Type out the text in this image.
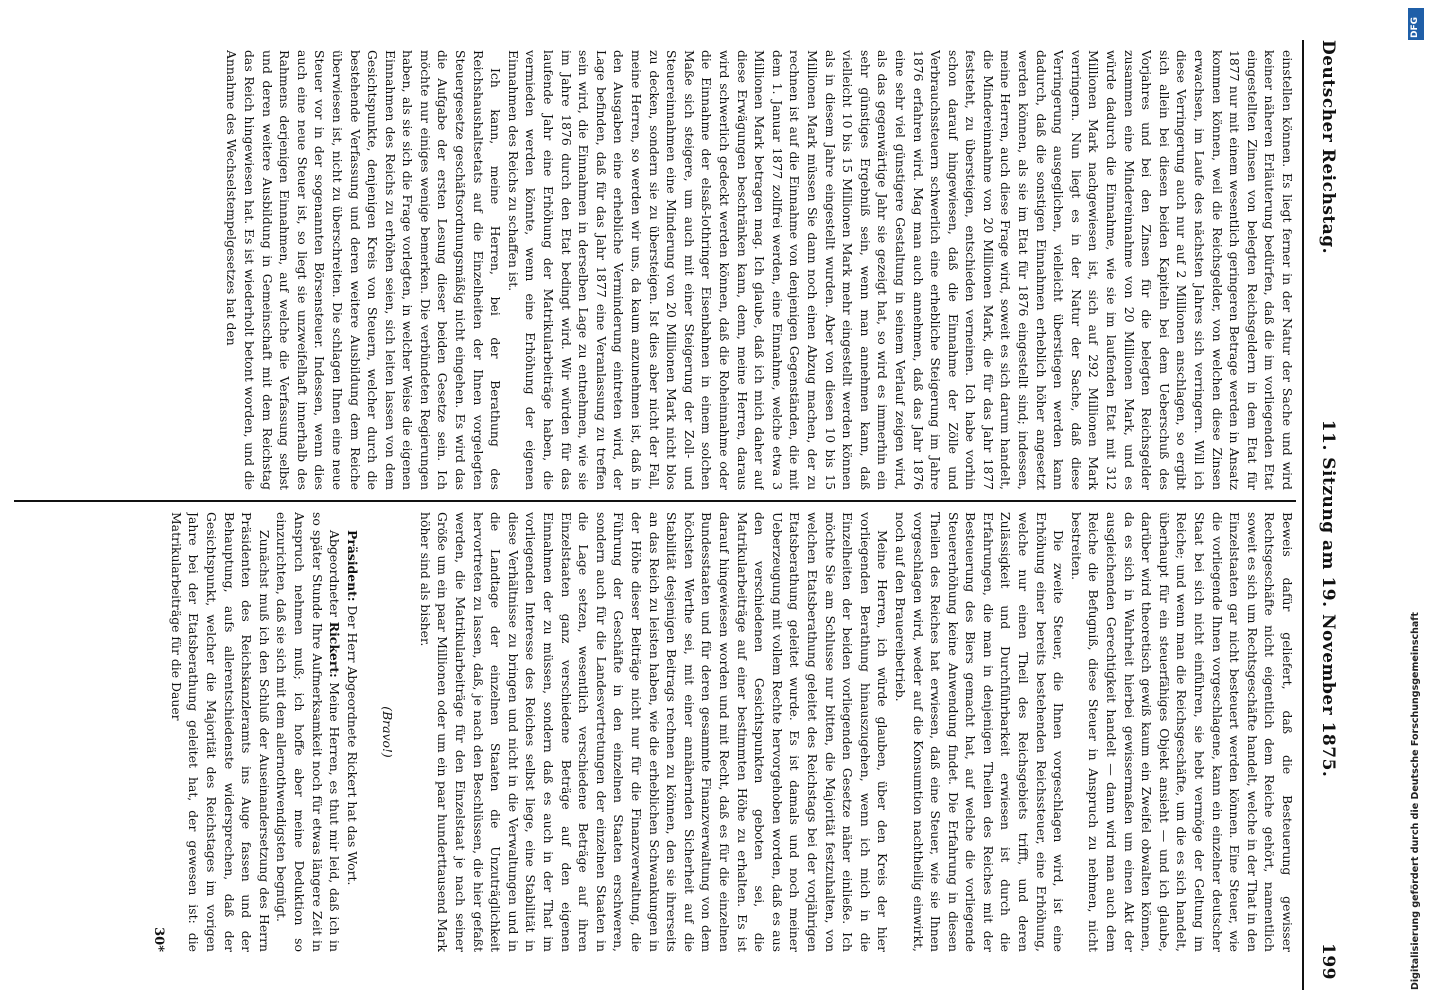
Deutscher Reichstag.
11. Sitzung am 19. November 1875.
199

einstellen können. Es liegt ferner in der Natur der Sache und wird keiner näheren Erläuterung bedürfen, daß die im vorliegenden Etat eingestellten Zinsen von belegten Reichsgeldern in dem Etat für 1877 nur mit einem wesentlich geringeren Betrage werden in Ansatz kommen können, weil die Reichsgelder, von welchen diese Zinsen erwachsen, im Laufe des nächsten Jahres sich verringern. Will ich diese Verringerung auch nur auf 2 Millionen anschlagen, so ergibt sich allein bei diesen beiden Kapiteln bei dem Ueberschuß des Vorjahres und bei den Zinsen für die belegten Reichsgelder zusammen eine Mindereinnahme von 20 Millionen Mark, und es würde dadurch die Einnahme, wie sie im laufenden Etat mit 312 Millionen Mark nachgewiesen ist, sich auf 292 Millionen Mark verringern. Nun liegt es in der Natur der Sache, daß diese Verringerung ausgeglichen, vielleicht überstiegen werden kann dadurch, daß die sonstigen Einnahmen erheblich höher angesetzt werden können, als sie im Etat für 1876 eingestellt sind; indessen, meine Herren, auch diese Frage wird, soweit es sich darum handelt, die Mindereinnahme von 20 Millionen Mark, die für das Jahr 1877 feststeht, zu übersteigen, entschieden verneinen. Ich habe vorhin schon darauf hingewiesen, daß die Einnahme der Zölle und Verbrauchssteuern schwerlich eine erhebliche Steigerung im Jahre 1876 erfahren wird. Mag man auch annehmen, daß das Jahr 1876 eine sehr viel günstigere Gestaltung in seinem Verlauf zeigen wird, als das gegenwärtige Jahr sie gezeigt hat, so wird es immerhin ein sehr günstiges Ergebniß sein, wenn man annehmen kann, daß vielleicht 10 bis 15 Millionen Mark mehr eingestellt werden können als in diesem Jahre eingestellt wurden. Aber von diesen 10 bis 15 Millionen Mark müssen Sie dann noch einen Abzug machen, der zu rechnen ist auf die Einnahme von denjenigen Gegenständen, die mit dem 1. Januar 1877 zollfrei werden, eine Einnahme, welche etwa 3 Millionen Mark betragen mag. Ich glaube, daß ich mich daher auf diese Erwägungen beschränken kann, denn, meine Herren, daraus wird schwerlich gedeckt werden können, daß die Roheinnahme oder die Einnahme der elsaß-lothringer Eisenbahnen in einem solchen Maße sich steigere, um auch mit einer Steigerung der Zoll- und Steuereinnahmen eine Minderung von 20 Millionen Mark nicht blos zu decken, sondern sie zu übersteigen. Ist dies aber nicht der Fall, meine Herren, so werden wir uns, da kaum anzunehmen ist, daß in den Ausgaben eine erhebliche Verminderung eintreten wird, der Lage befinden, daß für das Jahr 1877 eine Veranlassung zu treffen sein wird, die Einnahmen in derselben Lage zu entnehmen, wie sie im Jahre 1876 durch den Etat bedingt wird. Wir würden für das laufende Jahr eine Erhöhung der Matrikularbeiträge haben, die vermieden werden könnte, wenn eine Erhöhung der eigenen Einnahmen des Reichs zu schaffen ist.

Ich kann, meine Herren, bei der Berathung des Reichshaushaltsetats auf die Einzelheiten der Ihnen vorgelegten Steuergesetze geschäftsordnungsmäßig nicht eingehen. Es wird das die Aufgabe der ersten Lesung dieser beiden Gesetze sein. Ich möchte nur einiges wenige bemerken. Die verbündeten Regierungen haben, als sie sich die Frage vorlegten, in welcher Weise die eigenen Einnahmen des Reichs zu erhöhen seien, sich leiten lassen von dem Gesichtspunkte, denjenigen Kreis von Steuern, welcher durch die bestehende Verfassung und deren weitere Ausbildung dem Reiche überwiesen ist, nicht zu überschreiten. Die schlagen Ihnen eine neue Steuer vor in der sogenannten Börsensteuer. Indessen, wenn dies auch eine neue Steuer ist, so liegt sie unzweifelhaft innerhalb des Rahmens derjenigen Einnahmen, auf welche die Verfassung selbst und deren weitere Ausbildung in Gemeinschaft mit dem Reichstag das Reich hingewiesen hat. Es ist wiederholt betont worden, und die Annahme des Wechselstempelgesetzes hat den

Beweis dafür geliefert, daß die Besteuerung gewisser Rechtsgeschäfte nicht eigentlich dem Reiche gehört, namentlich soweit es sich um Rechtsgeschäfte handelt, welche in der That in den Einzelstaaten gar nicht besteuert werden können. Eine Steuer, wie die vorliegende Ihnen vorgeschlagene, kann ein einzelner deutscher Staat bei sich nicht einführen, sie hebt vermöge der Geltung im Reiche; und wenn man die Reichsgeschäfte, um die es sich handelt, überhaupt für ein steuerfähiges Objekt ansieht — und ich glaube, darüber wird theoretisch gewiß kaum ein Zweifel obwalten können, da es sich in Wahrheit hierbei gewissermaßen um einen Akt der ausgleichenden Gerechtigkeit handelt — dann wird man auch dem Reiche die Befugniß, diese Steuer in Anspruch zu nehmen, nicht bestreiten.

Die zweite Steuer, die Ihnen vorgeschlagen wird, ist eine Erhöhung einer bereits bestehenden Reichssteuer, eine Erhöhung, welche nur einen Theil des Reichsgebiets trifft, und deren Zulässigkeit und Durchführbarkeit erwiesen ist durch die Erfahrungen, die man in denjenigen Theilen des Reiches mit der Besteuerung des Biers gemacht hat, auf welche die vorliegende Steuererhöhung keine Anwendung findet. Die Erfahrung in diesen Theilen des Reiches hat erwiesen, daß eine Steuer, wie sie Ihnen vorgeschlagen wird, weder auf die Konsumtion nachtheilig einwirkt, noch auf den Brauereibetrieb.

Meine Herren, ich würde glauben, über den Kreis der hier vorliegenden Berathung hinauszugehen, wenn ich mich in die Einzelheiten der beiden vorliegenden Gesetze näher einließe. Ich möchte Sie am Schlusse nur bitten, die Majorität festzuhalten, von welchen Etatsberathung geleitet des Reichstags bei der vorjährigen Etatsberathung geleitet wurde. Es ist damals und noch meiner Ueberzeugung mit vollem Rechte hervorgehoben worden, daß es aus den verschiedenen Gesichtspunkten geboten sei, die Matrikularbeiträge auf einer bestimmten Höhe zu erhalten. Es ist darauf hingewiesen worden und mit Recht, daß es für die einzelnen Bundesstaaten und für deren gesammte Finanzverwaltung von dem höchsten Werthe sei, mit einer annähernden Sicherheit auf die Stabilität desjenigen Beitrags rechnen zu können, den sie ihrerseits an das Reich zu leisten haben, wie die erheblichen Schwankungen in der Höhe dieser Beiträge nicht nur für die Finanzverwaltung, die Führung der Geschäfte in den einzelnen Staaten erschweren, sondern auch für die Landesvertretungen der einzelnen Staaten in die Lage setzen, wesentlich verschiedene Beträge auf ihren Einzelstaaten ganz verschiedene Beträge auf den eigenen Einnahmen der zu müssen, sondern daß es auch in der That im vorliegenden Interesse des Reiches selbst liege, eine Stabilität in diese Verhältnisse zu bringen und nicht in die Verwaltungen und in die Landtage der einzelnen Staaten die Unzuträglichkeit hervortreten zu lassen, daß, je nach den Beschlüssen, die hier gefaßt werden, die Matrikularbeiträge für den Einzelstaat je nach seiner Größe um ein paar Millionen oder um ein paar hunderttausend Mark höher sind als bisher.

(Bravo!)

Präsident: Der Herr Abgeordnete Rickert hat das Wort.

Abgeordneter Rickert: Meine Herren, es thut mir leid, daß ich in so später Stunde Ihre Aufmerksamkeit noch für etwas längere Zeit in Anspruch nehmen muß; ich hoffe aber meine Deduktion so einzurichten, daß sie sich mit dem allernothwendigsten begnügt.

Zunächst muß ich den Schluß der Auseinandersetzung des Herrn Präsidenten des Reichskanzleramts ins Auge fassen und der Behauptung, aufs allerentschiedenste widersprechen, daß der Gesichtspunkt, welcher die Majorität des Reichstages im vorigen Jahre bei der Etatsberathung geleitet hat, der gewesen ist: die Matrikularbeiträge für die Dauer

30*	Digitalisierung gefördert durch die Deutsche Forschungsgemeinschaft
DFG
